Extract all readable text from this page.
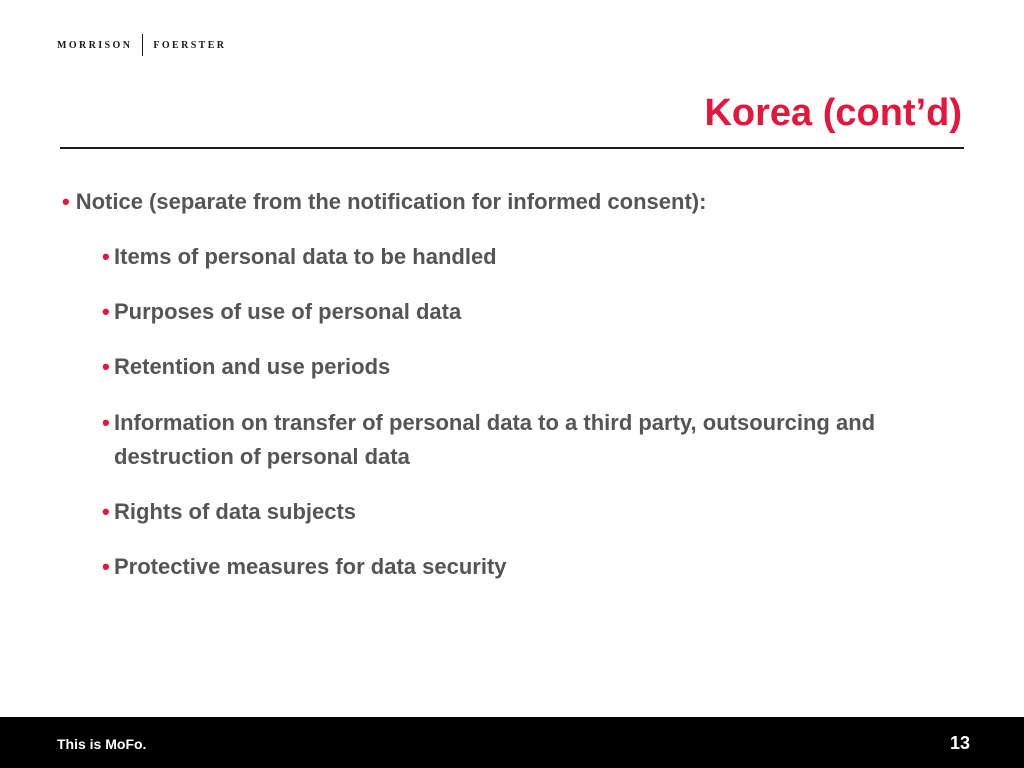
MORRISON FOERSTER
Korea (cont’d)
• Notice (separate from the notification for informed consent):
• Items of personal data to be handled
• Purposes of use of personal data
• Retention and use periods
• Information on transfer of personal data to a third party, outsourcing and destruction of personal data
• Rights of data subjects
• Protective measures for data security
This is MoFo.	13
